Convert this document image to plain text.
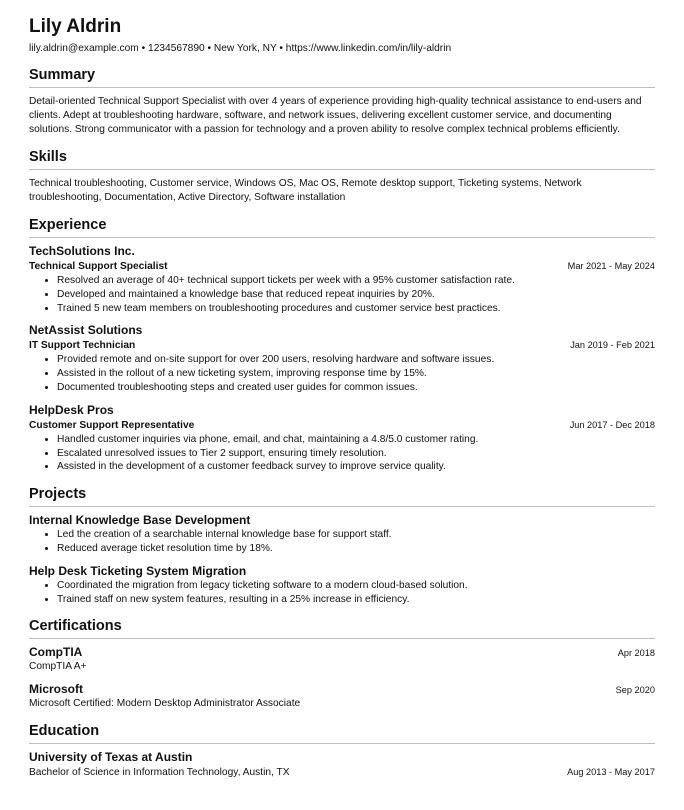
Lily Aldrin
lily.aldrin@example.com • 1234567890 • New York, NY • https://www.linkedin.com/in/lily-aldrin
Summary
Detail-oriented Technical Support Specialist with over 4 years of experience providing high-quality technical assistance to end-users and clients. Adept at troubleshooting hardware, software, and network issues, delivering excellent customer service, and documenting solutions. Strong communicator with a passion for technology and a proven ability to resolve complex technical problems efficiently.
Skills
Technical troubleshooting, Customer service, Windows OS, Mac OS, Remote desktop support, Ticketing systems, Network troubleshooting, Documentation, Active Directory, Software installation
Experience
TechSolutions Inc.
Technical Support Specialist	Mar 2021 - May 2024
• Resolved an average of 40+ technical support tickets per week with a 95% customer satisfaction rate.
• Developed and maintained a knowledge base that reduced repeat inquiries by 20%.
• Trained 5 new team members on troubleshooting procedures and customer service best practices.
NetAssist Solutions
IT Support Technician	Jan 2019 - Feb 2021
• Provided remote and on-site support for over 200 users, resolving hardware and software issues.
• Assisted in the rollout of a new ticketing system, improving response time by 15%.
• Documented troubleshooting steps and created user guides for common issues.
HelpDesk Pros
Customer Support Representative	Jun 2017 - Dec 2018
• Handled customer inquiries via phone, email, and chat, maintaining a 4.8/5.0 customer rating.
• Escalated unresolved issues to Tier 2 support, ensuring timely resolution.
• Assisted in the development of a customer feedback survey to improve service quality.
Projects
Internal Knowledge Base Development
• Led the creation of a searchable internal knowledge base for support staff.
• Reduced average ticket resolution time by 18%.
Help Desk Ticketing System Migration
• Coordinated the migration from legacy ticketing software to a modern cloud-based solution.
• Trained staff on new system features, resulting in a 25% increase in efficiency.
Certifications
CompTIA	Apr 2018
CompTIA A+
Microsoft	Sep 2020
Microsoft Certified: Modern Desktop Administrator Associate
Education
University of Texas at Austin
Bachelor of Science in Information Technology, Austin, TX	Aug 2013 - May 2017
